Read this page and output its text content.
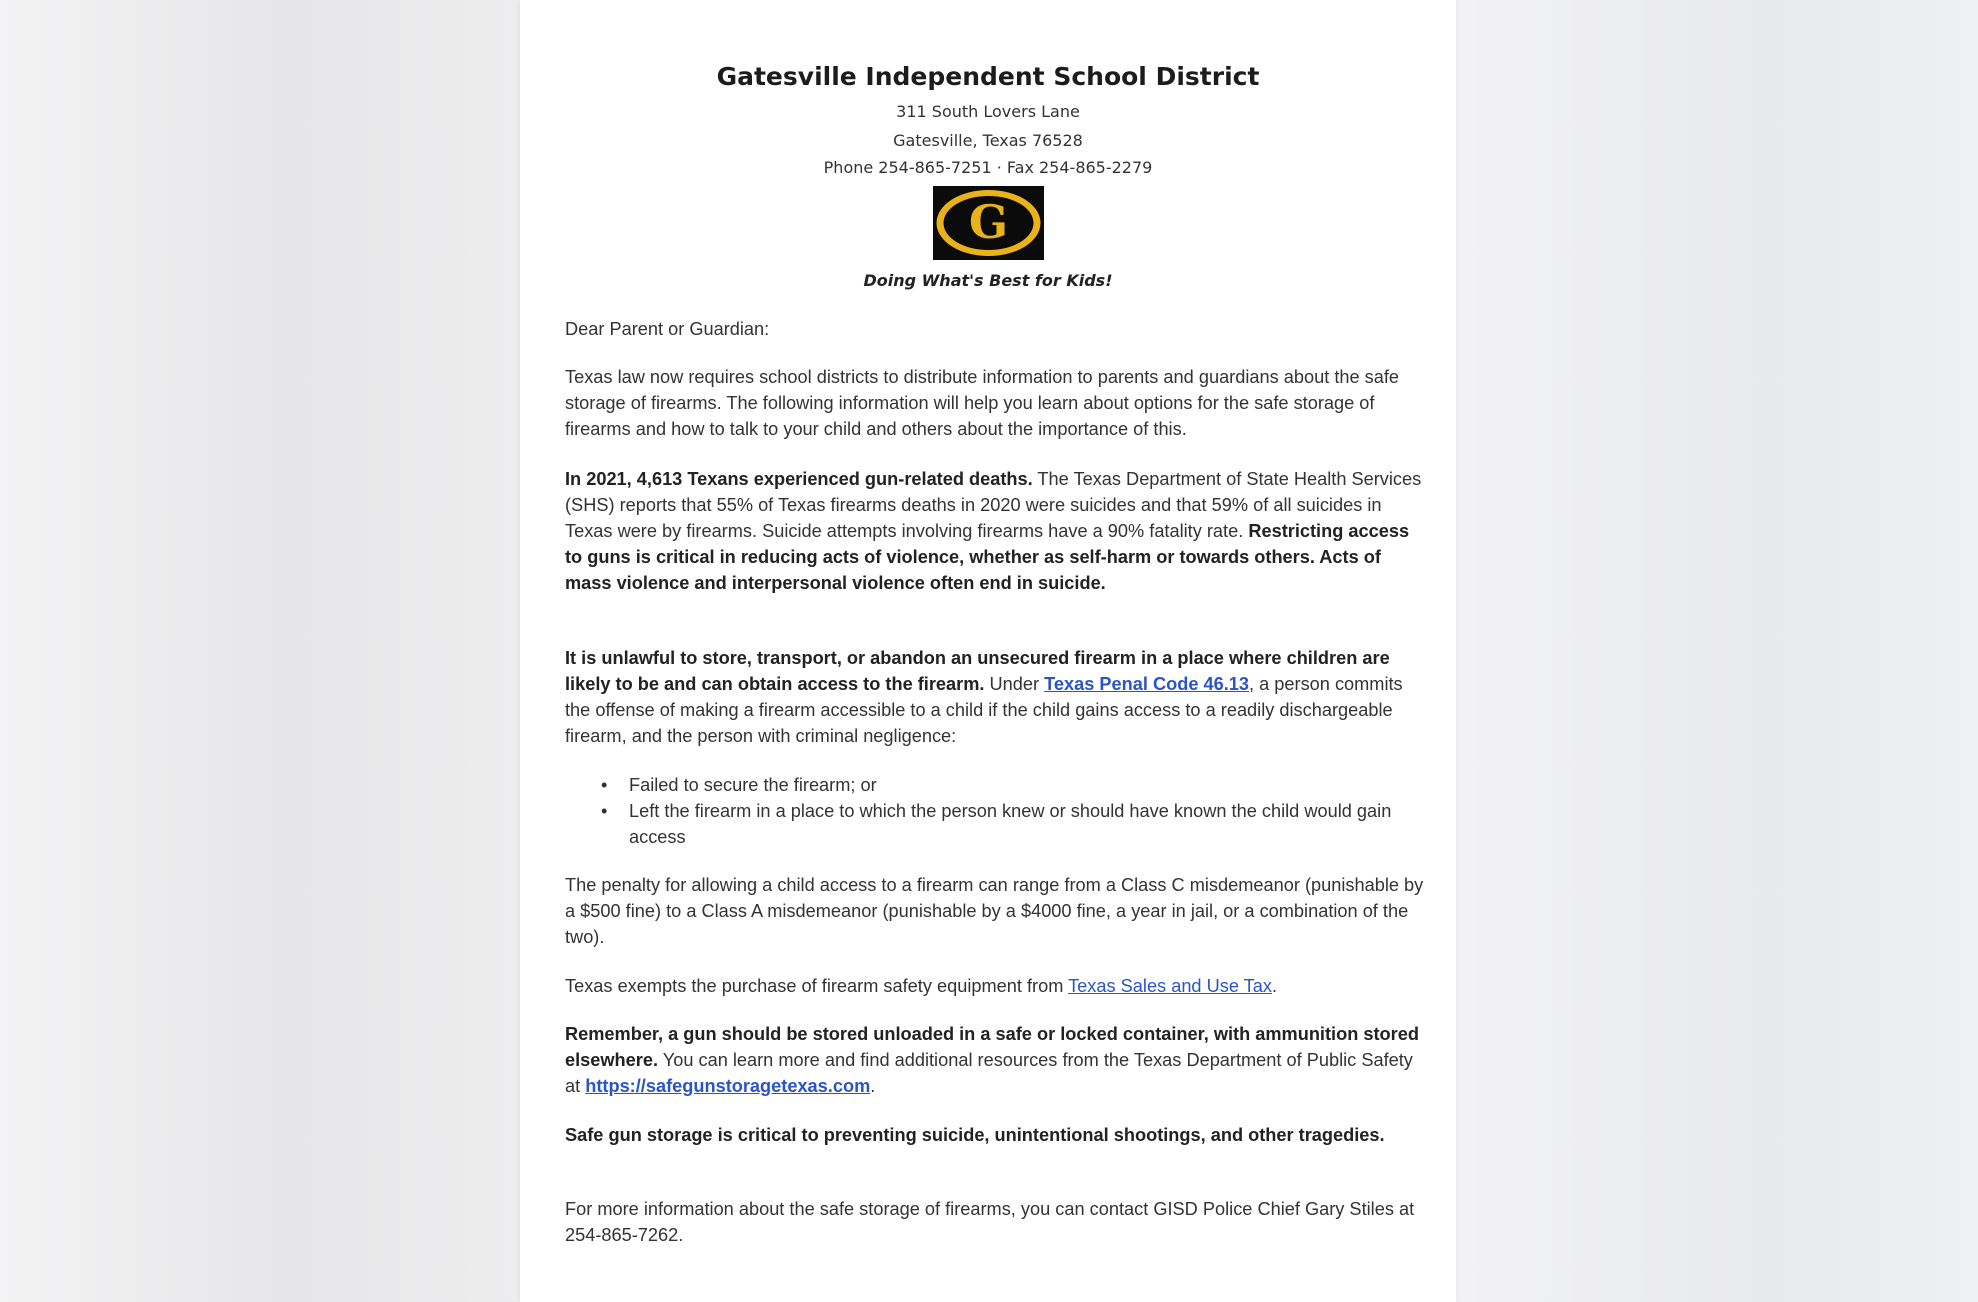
Gatesville Independent School District
311 South Lovers Lane
Gatesville, Texas 76528
Phone 254-865-7251 · Fax 254-865-2279
G
Doing What's Best for Kids!

Dear Parent or Guardian:

Texas law now requires school districts to distribute information to parents and guardians about the safe storage of firearms. The following information will help you learn about options for the safe storage of firearms and how to talk to your child and others about the importance of this.

In 2021, 4,613 Texans experienced gun-related deaths. The Texas Department of State Health Services (SHS) reports that 55% of Texas firearms deaths in 2020 were suicides and that 59% of all suicides in Texas were by firearms. Suicide attempts involving firearms have a 90% fatality rate. Restricting access to guns is critical in reducing acts of violence, whether as self-harm or towards others. Acts of mass violence and interpersonal violence often end in suicide.

It is unlawful to store, transport, or abandon an unsecured firearm in a place where children are likely to be and can obtain access to the firearm. Under Texas Penal Code 46.13, a person commits the offense of making a firearm accessible to a child if the child gains access to a readily dischargeable firearm, and the person with criminal negligence:

• Failed to secure the firearm; or
• Left the firearm in a place to which the person knew or should have known the child would gain access

The penalty for allowing a child access to a firearm can range from a Class C misdemeanor (punishable by a $500 fine) to a Class A misdemeanor (punishable by a $4000 fine, a year in jail, or a combination of the two).

Texas exempts the purchase of firearm safety equipment from Texas Sales and Use Tax.

Remember, a gun should be stored unloaded in a safe or locked container, with ammunition stored elsewhere. You can learn more and find additional resources from the Texas Department of Public Safety at https://safegunstoragetexas.com.

Safe gun storage is critical to preventing suicide, unintentional shootings, and other tragedies.

For more information about the safe storage of firearms, you can contact GISD Police Chief Gary Stiles at 254-865-7262.
